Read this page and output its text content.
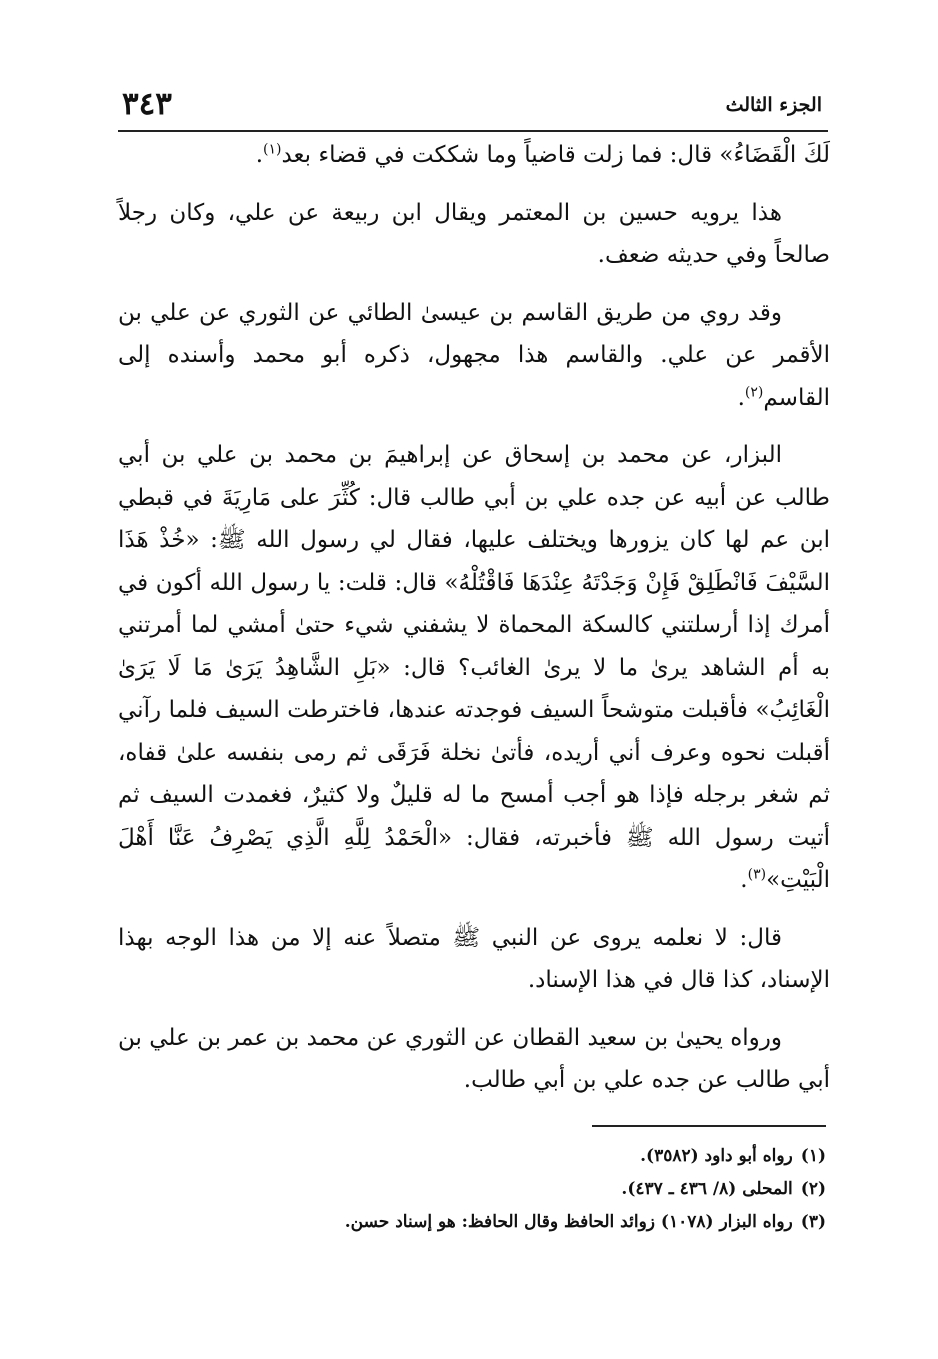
٣٤٣	الجزء الثالث

لَكَ الْقَضَاءُ» قال: فما زلت قاضياً وما شككت في قضاء بعد$^{(١)}$.

هذا يرويه حسين بن المعتمر ويقال ابن ربيعة عن علي، وكان رجلاً صالحاً وفي حديثه ضعف.

وقد روي من طريق القاسم بن عيسىٰ الطائي عن الثوري عن علي بن الأقمر عن علي. والقاسم هذا مجهول، ذكره أبو محمد وأسنده إلى القاسم$^{(٢)}$.

البزار، عن محمد بن إسحاق عن إبراهيمَ بن محمد بن علي بن أبي طالب عن أبيه عن جده علي بن أبي طالب قال: كُثِّرَ على مَارِيَةَ في قبطي ابن عم لها كان يزورها ويختلف عليها، فقال لي رسول الله ﷺ: «خُذْ هَذَا السَّيْفَ فَانْطَلِقْ فَإِنْ وَجَدْتَهُ عِنْدَهَا فَاقْتُلْهُ» قال: قلت: يا رسول الله أكون في أمرك إذا أرسلتني كالسكة المحماة لا يشفني شيء حتىٰ أمشي لما أمرتني به أم الشاهد يرىٰ ما لا يرىٰ الغائب؟ قال: «بَلِ الشَّاهِدُ يَرَىٰ مَا لَا يَرَىٰ الْغَائِبُ» فأقبلت متوشحاً السيف فوجدته عندها، فاخترطت السيف فلما رآني أقبلت نحوه وعرف أني أريده، فأتىٰ نخلة فَرَقَى ثم رمى بنفسه علىٰ قفاه، ثم شغر برجله فإذا هو أجب أمسح ما له قليلٌ ولا كثيرٌ، فغمدت السيف ثم أتيت رسول الله ﷺ فأخبرته، فقال: «الْحَمْدُ لِلَّهِ الَّذِي يَصْرِفُ عَنَّا أَهْلَ الْبَيْتِ»$^{(٣)}$.

قال: لا نعلمه يروى عن النبي ﷺ متصلاً عنه إلا من هذا الوجه بهذا الإسناد، كذا قال في هذا الإسناد.

ورواه يحيىٰ بن سعيد القطان عن الثوري عن محمد بن عمر بن علي بن أبي طالب عن جده علي بن أبي طالب.

(١)رواه أبو داود (٣٥٨٢).

(٢)المحلى (٨/ ٤٣٦ ـ ٤٣٧).

(٣)رواه البزار (١٠٧٨) زوائد الحافظ وقال الحافظ: هو إسناد حسن.
